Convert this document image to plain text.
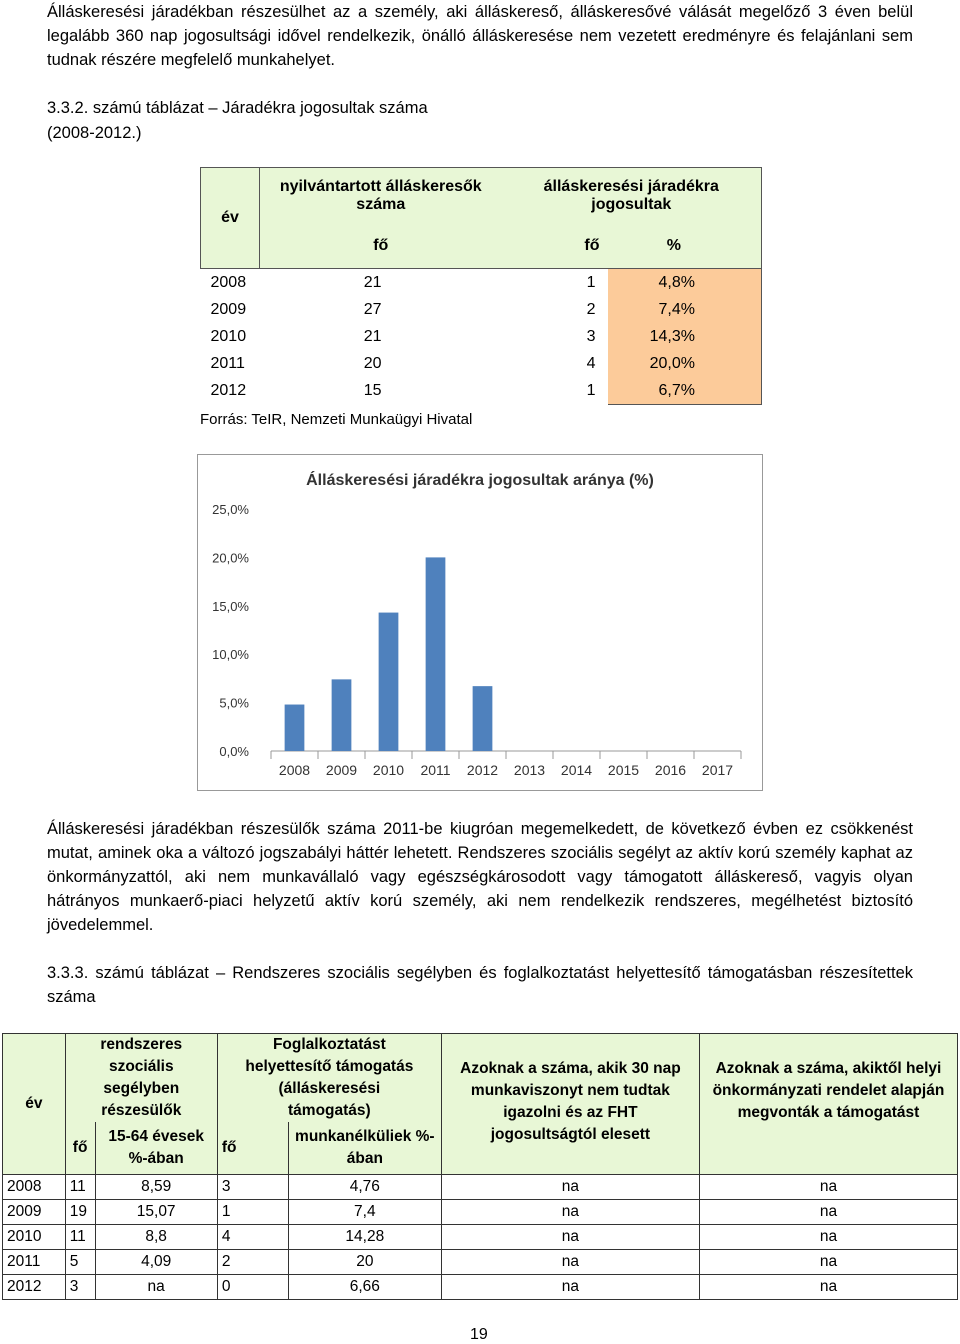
Álláskeresési járadékban részesülhet az a személy, aki álláskereső, álláskeresővé válását megelőző 3 éven belül legalább 360 nap jogosultsági idővel rendelkezik, önálló álláskeresése nem vezetett eredményre és felajánlani sem tudnak részére megfelelő munkahelyet.
3.3.2. számú táblázat – Járadékra jogosultak száma
(2008-2012.)
év	nyilvántartott álláskeresők száma	álláskeresési járadékra jogosultak	
	fő	fő	%
2008	21	1	4,8%
2009	27	2	7,4%
2010	21	3	14,3%
2011	20	4	20,0%
2012	15	1	6,7%
Forrás: TeIR, Nemzeti Munkaügyi Hivatal
Álláskeresési járadékra jogosultak aránya (%)
0,0%
5,0%
10,0%
15,0%
20,0%
25,0%
2008 2009 2010 2011 2012 2013 2014 2015 2016 2017
Álláskeresési járadékban részesülők száma 2011-be kiugróan megemelkedett, de következő évben ez csökkenést mutat, aminek oka a változó jogszabályi háttér lehetett. Rendszeres szociális segélyt az aktív korú személy kaphat az önkormányzattól, aki nem munkavállaló vagy egészségkárosodott vagy támogatott álláskereső, vagyis olyan hátrányos munkaerő-piaci helyzetű aktív korú személy, aki nem rendelkezik rendszeres, megélhetést biztosító jövedelemmel.
3.3.3. számú táblázat – Rendszeres szociális segélyben és foglalkoztatást helyettesítő támogatásban részesítettek száma
év	rendszeres szociális segélyben részesülők		Foglalkoztatást helyettesítő támogatás (álláskeresési támogatás)		Azoknak a száma, akik 30 nap munkaviszonyt nem tudtak igazolni és az FHT jogosultságtól elesett	Azoknak a száma, akiktől helyi önkormányzati rendelet alapján megvonták a támogatást
	fő	15-64 évesek %-ában	fő	munkanélküliek %-ában		
2008	11	8,59	3	4,76	na	na
2009	19	15,07	1	7,4	na	na
2010	11	8,8	4	14,28	na	na
2011	5	4,09	2	20	na	na
2012	3	na	0	6,66	na	na
19
